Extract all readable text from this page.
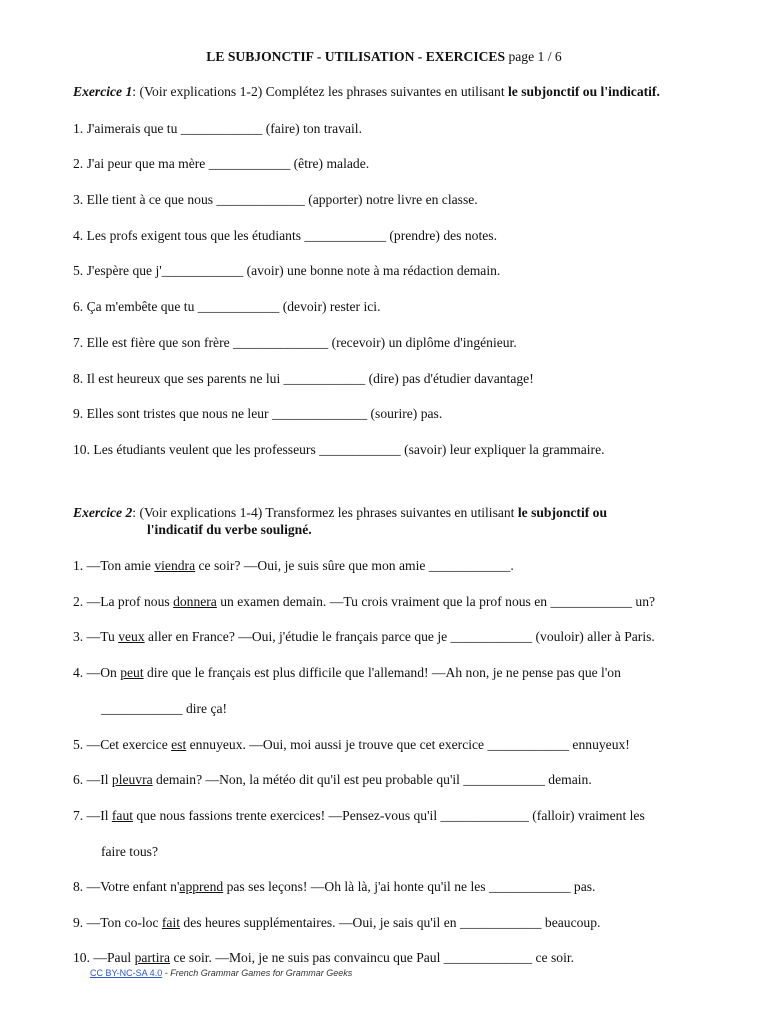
LE SUBJONCTIF - UTILISATION - EXERCICES page 1 / 6
Exercice 1: (Voir explications 1-2) Complétez les phrases suivantes en utilisant le subjonctif ou l'indicatif.
1. J'aimerais que tu ____________ (faire) ton travail.
2. J'ai peur que ma mère ____________ (être) malade.
3. Elle tient à ce que nous _____________ (apporter) notre livre en classe.
4. Les profs exigent tous que les étudiants ____________ (prendre) des notes.
5. J'espère que j'____________ (avoir) une bonne note à ma rédaction demain.
6. Ça m'embête que tu ____________ (devoir) rester ici.
7. Elle est fière que son frère ______________ (recevoir) un diplôme d'ingénieur.
8. Il est heureux que ses parents ne lui ____________ (dire) pas d'étudier davantage!
9. Elles sont tristes que nous ne leur ______________ (sourire) pas.
10. Les étudiants veulent que les professeurs ____________ (savoir) leur expliquer la grammaire.
Exercice 2: (Voir explications 1-4) Transformez les phrases suivantes en utilisant le subjonctif ou
l'indicatif du verbe souligné.
1. —Ton amie viendra ce soir? —Oui, je suis sûre que mon amie ____________.
2. —La prof nous donnera un examen demain. —Tu crois vraiment que la prof nous en ____________ un?
3. —Tu veux aller en France? —Oui, j'étudie le français parce que je ____________ (vouloir) aller à Paris.
4. —On peut dire que le français est plus difficile que l'allemand! —Ah non, je ne pense pas que l'on
____________ dire ça!
5. —Cet exercice est ennuyeux. —Oui, moi aussi je trouve que cet exercice ____________ ennuyeux!
6. —Il pleuvra demain? —Non, la météo dit qu'il est peu probable qu'il ____________ demain.
7. —Il faut que nous fassions trente exercices! —Pensez-vous qu'il _____________ (falloir) vraiment les
faire tous?
8. —Votre enfant n'apprend pas ses leçons! —Oh là là, j'ai honte qu'il ne les ____________ pas.
9. —Ton co-loc fait des heures supplémentaires. —Oui, je sais qu'il en ____________ beaucoup.
10. —Paul partira ce soir. —Moi, je ne suis pas convaincu que Paul _____________ ce soir.
CC BY-NC-SA 4.0 - French Grammar Games for Grammar Geeks
